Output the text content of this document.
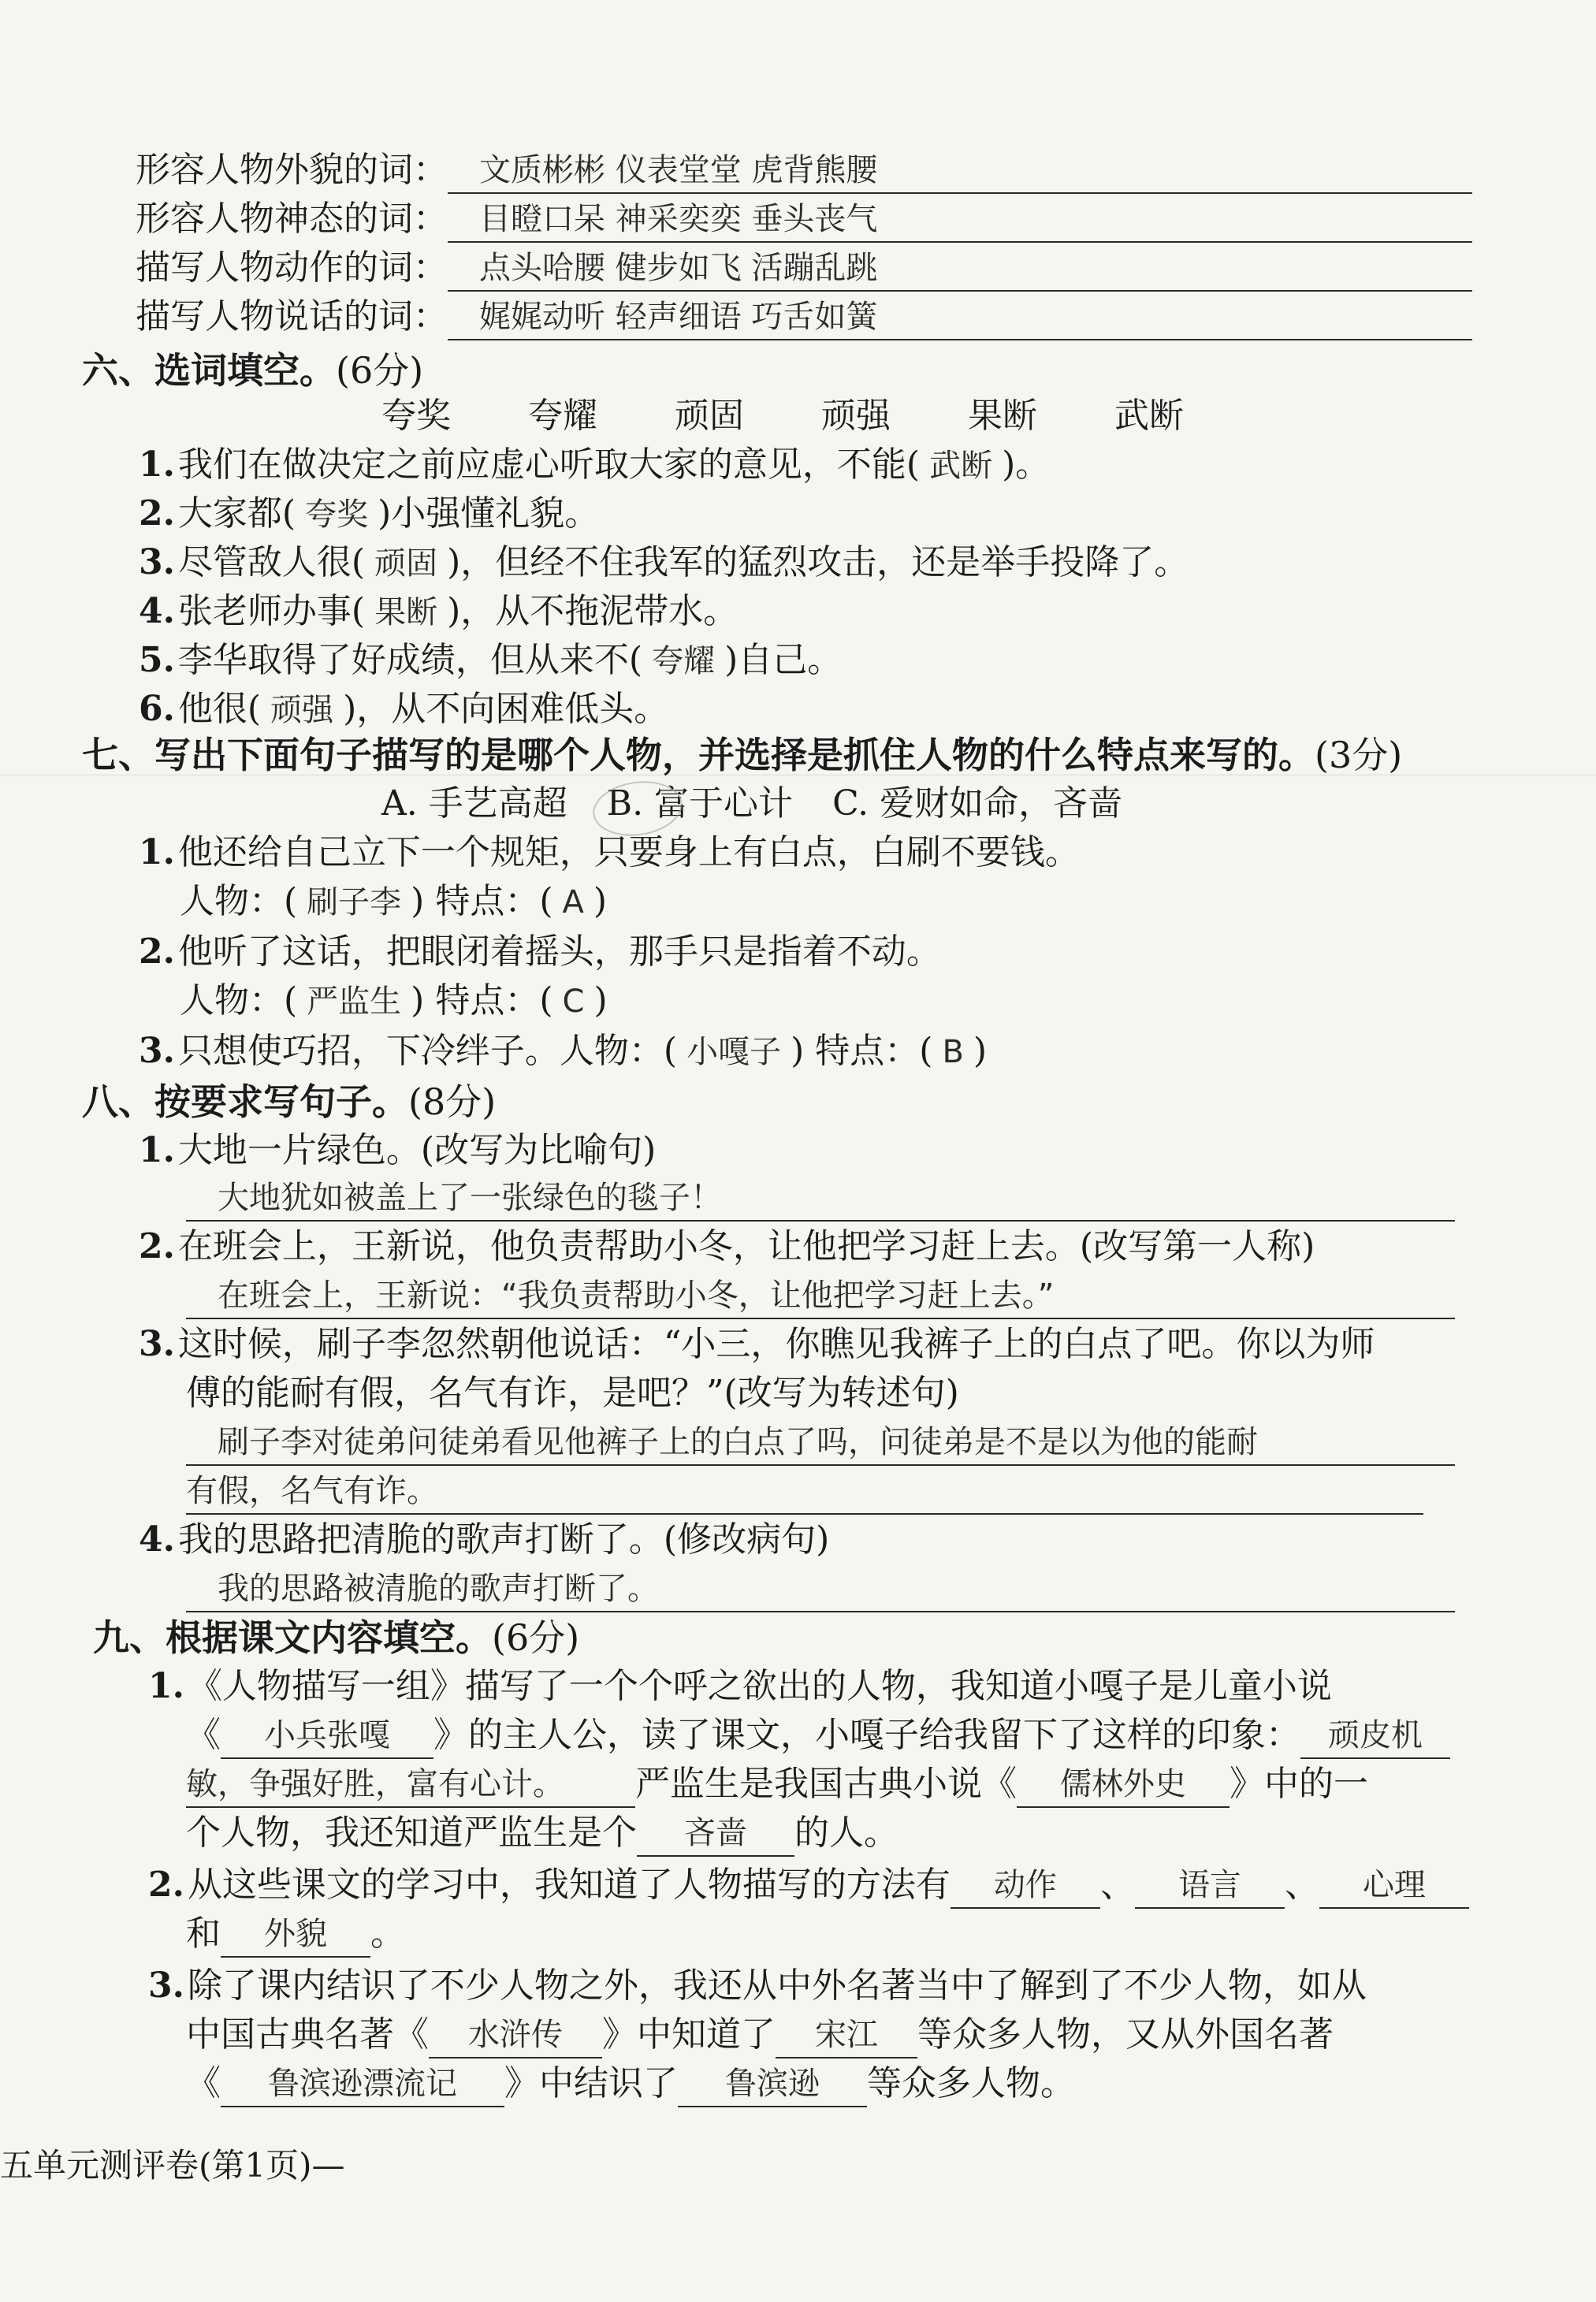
形容人物外貌的词： 文质彬彬 仪表堂堂 虎背熊腰
形容人物神态的词： 目瞪口呆 神采奕奕 垂头丧气
描写人物动作的词： 点头哈腰 健步如飞 活蹦乱跳
描写人物说话的词： 娓娓动听 轻声细语 巧舌如簧
六、选词填空。(6分)
夸奖 夸耀 顽固 顽强 果断 武断
1.我们在做决定之前应虚心听取大家的意见，不能( 武断 )。
2.大家都( 夸奖 )小强懂礼貌。
3.尽管敌人很( 顽固 )，但经不住我军的猛烈攻击，还是举手投降了。
4.张老师办事( 果断 )，从不拖泥带水。
5.李华取得了好成绩，但从来不( 夸耀 )自己。
6.他很( 顽强 )，从不向困难低头。
七、写出下面句子描写的是哪个人物，并选择是抓住人物的什么特点来写的。(3分)
A. 手艺高超 B. 富于心计 C. 爱财如命，吝啬
1.他还给自己立下一个规矩，只要身上有白点，白刷不要钱。
人物：( 刷子李 ) 特点：( A )
2.他听了这话，把眼闭着摇头，那手只是指着不动。
人物：( 严监生 ) 特点：( C )
3.只想使巧招，下冷绊子。人物：( 小嘎子 ) 特点：( B )
八、按要求写句子。(8分)
1.大地一片绿色。(改写为比喻句)
大地犹如被盖上了一张绿色的毯子！
2.在班会上，王新说，他负责帮助小冬，让他把学习赶上去。(改写第一人称)
在班会上，王新说：“我负责帮助小冬，让他把学习赶上去。”
3.这时候，刷子李忽然朝他说话：“小三，你瞧见我裤子上的白点了吧。你以为师
傅的能耐有假，名气有诈，是吧？”(改写为转述句)
刷子李对徒弟问徒弟看见他裤子上的白点了吗，问徒弟是不是以为他的能耐
有假，名气有诈。
4.我的思路把清脆的歌声打断了。(修改病句)
我的思路被清脆的歌声打断了。
九、根据课文内容填空。(6分)
1.《人物描写一组》描写了一个个呼之欲出的人物，我知道小嘎子是儿童小说
《 小兵张嘎 》的主人公，读了课文，小嘎子给我留下了这样的印象： 顽皮机
敏，争强好胜，富有心计。 严监生是我国古典小说《 儒林外史 》中的一
个人物，我还知道严监生是个 吝啬 的人。
2.从这些课文的学习中，我知道了人物描写的方法有 动作 、 语言 、 心理
和 外貌 。
3.除了课内结识了不少人物之外，我还从中外名著当中了解到了不少人物，如从
中国古典名著《 水浒传 》中知道了 宋江 等众多人物，又从外国名著
《 鲁滨逊漂流记 》中结识了 鲁滨逊 等众多人物。
五单元测评卷(第1页)—
